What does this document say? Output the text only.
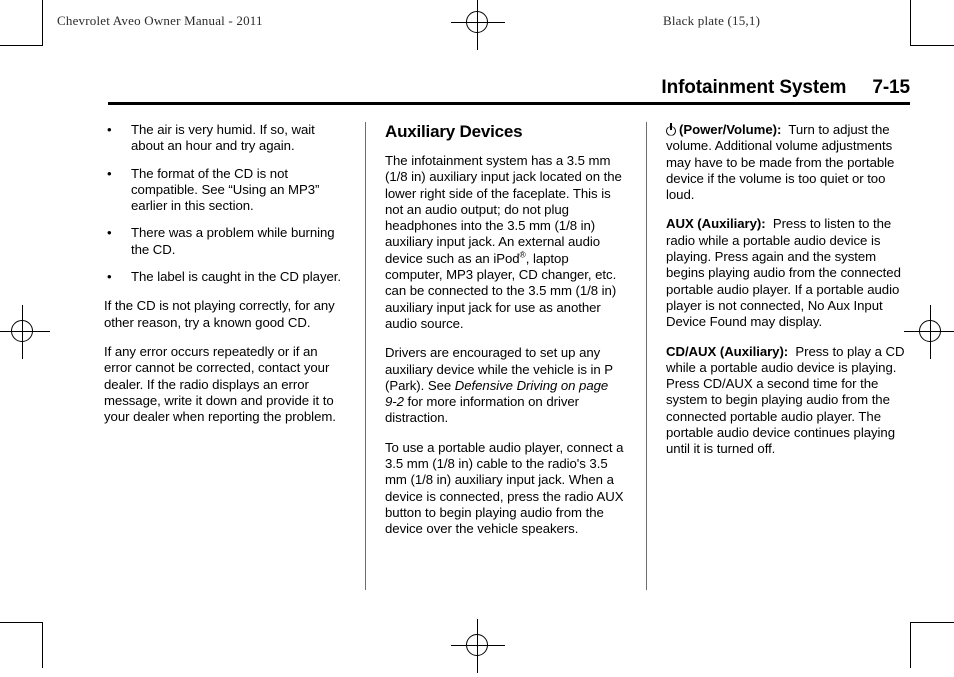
Chevrolet Aveo Owner Manual - 2011	Black plate (15,1)
Infotainment System 7-15
• The air is very humid. If so, wait about an hour and try again.
• The format of the CD is not compatible. See “Using an MP3” earlier in this section.
• There was a problem while burning the CD.
• The label is caught in the CD player.

If the CD is not playing correctly, for any other reason, try a known good CD.

If any error occurs repeatedly or if an error cannot be corrected, contact your dealer. If the radio displays an error message, write it down and provide it to your dealer when reporting the problem.

Auxiliary Devices

The infotainment system has a 3.5 mm (1/8 in) auxiliary input jack located on the lower right side of the faceplate. This is not an audio output; do not plug headphones into the 3.5 mm (1/8 in) auxiliary input jack. An external audio device such as an iPod®, laptop computer, MP3 player, CD changer, etc. can be connected to the 3.5 mm (1/8 in) auxiliary input jack for use as another audio source.

Drivers are encouraged to set up any auxiliary device while the vehicle is in P (Park). See Defensive Driving on page 9‑2 for more information on driver distraction.

To use a portable audio player, connect a 3.5 mm (1/8 in) cable to the radio's 3.5 mm (1/8 in) auxiliary input jack. When a device is connected, press the radio AUX button to begin playing audio from the device over the vehicle speakers.

(Power/Volume): Turn to adjust the volume. Additional volume adjustments may have to be made from the portable device if the volume is too quiet or too loud.

AUX (Auxiliary): Press to listen to the radio while a portable audio device is playing. Press again and the system begins playing audio from the connected portable audio player. If a portable audio player is not connected, No Aux Input Device Found may display.

CD/AUX (Auxiliary): Press to play a CD while a portable audio device is playing. Press CD/AUX a second time for the system to begin playing audio from the connected portable audio player. The portable audio device continues playing until it is turned off.
